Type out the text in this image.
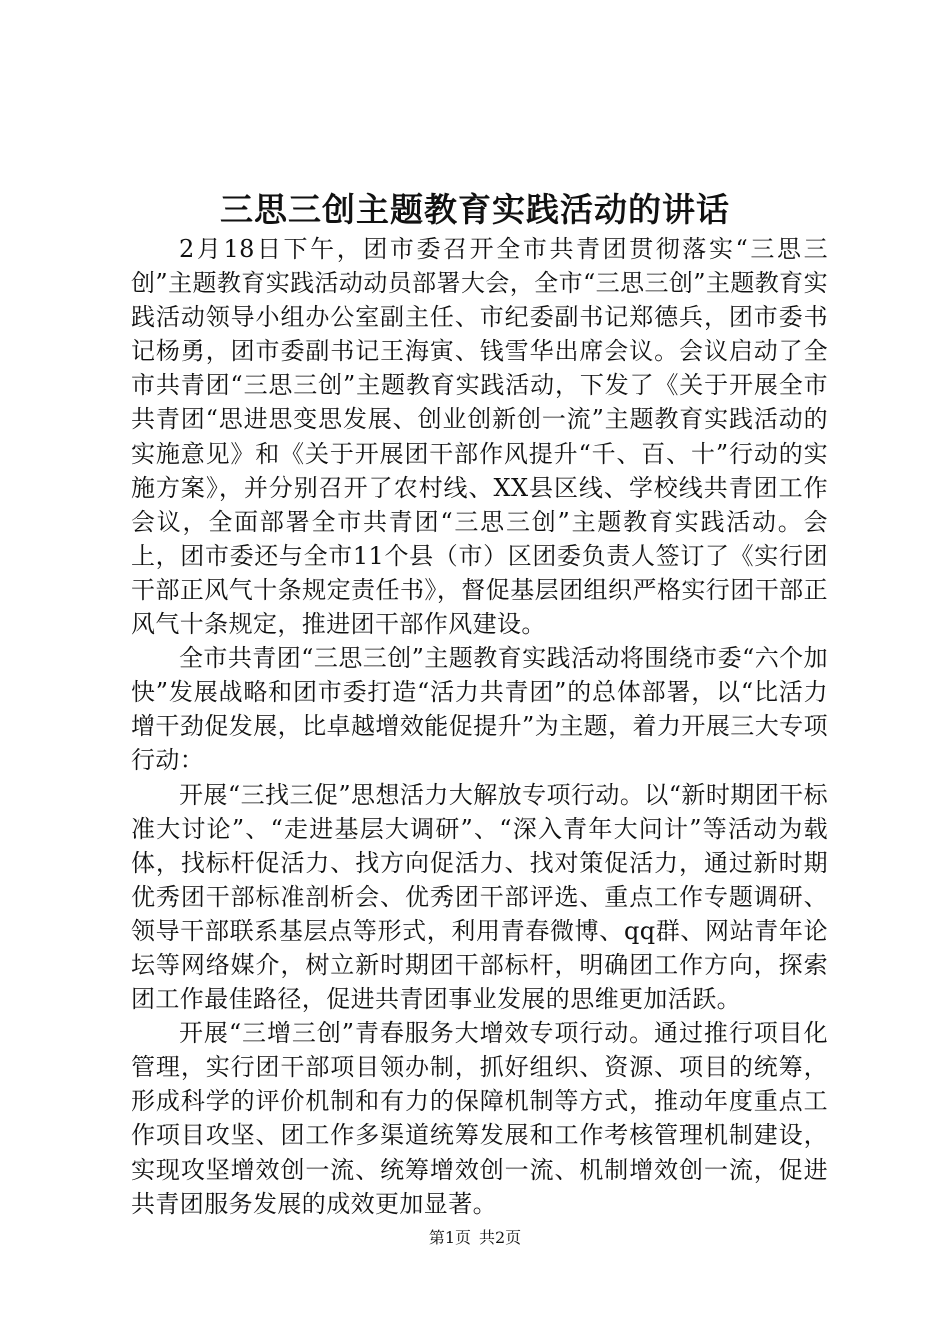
三思三创主题教育实践活动的讲话

2月18日下午，团市委召开全市共青团贯彻落实“三思三创”主题教育实践活动动员部署大会，全市“三思三创”主题教育实践活动领导小组办公室副主任、市纪委副书记郑德兵，团市委书记杨勇，团市委副书记王海寅、钱雪华出席会议。会议启动了全市共青团“三思三创”主题教育实践活动，下发了《关于开展全市共青团“思进思变思发展、创业创新创一流”主题教育实践活动的实施意见》和《关于开展团干部作风提升“千、百、十”行动的实施方案》，并分别召开了农村线、XX县区线、学校线共青团工作会议，全面部署全市共青团“三思三创”主题教育实践活动。会上，团市委还与全市11个县（市）区团委负责人签订了《实行团干部正风气十条规定责任书》，督促基层团组织严格实行团干部正风气十条规定，推进团干部作风建设。

全市共青团“三思三创”主题教育实践活动将围绕市委“六个加快”发展战略和团市委打造“活力共青团”的总体部署，以“比活力增干劲促发展，比卓越增效能促提升”为主题，着力开展三大专项行动：

开展“三找三促”思想活力大解放专项行动。以“新时期团干标准大讨论”、“走进基层大调研”、“深入青年大问计”等活动为载体，找标杆促活力、找方向促活力、找对策促活力，通过新时期优秀团干部标准剖析会、优秀团干部评选、重点工作专题调研、领导干部联系基层点等形式，利用青春微博、qq群、网站青年论坛等网络媒介，树立新时期团干部标杆，明确团工作方向，探索团工作最佳路径，促进共青团事业发展的思维更加活跃。

开展“三增三创”青春服务大增效专项行动。通过推行项目化管理，实行团干部项目领办制，抓好组织、资源、项目的统筹，形成科学的评价机制和有力的保障机制等方式，推动年度重点工作项目攻坚、团工作多渠道统筹发展和工作考核管理机制建设，实现攻坚增效创一流、统筹增效创一流、机制增效创一流，促进共青团服务发展的成效更加显著。

第1页 共2页
